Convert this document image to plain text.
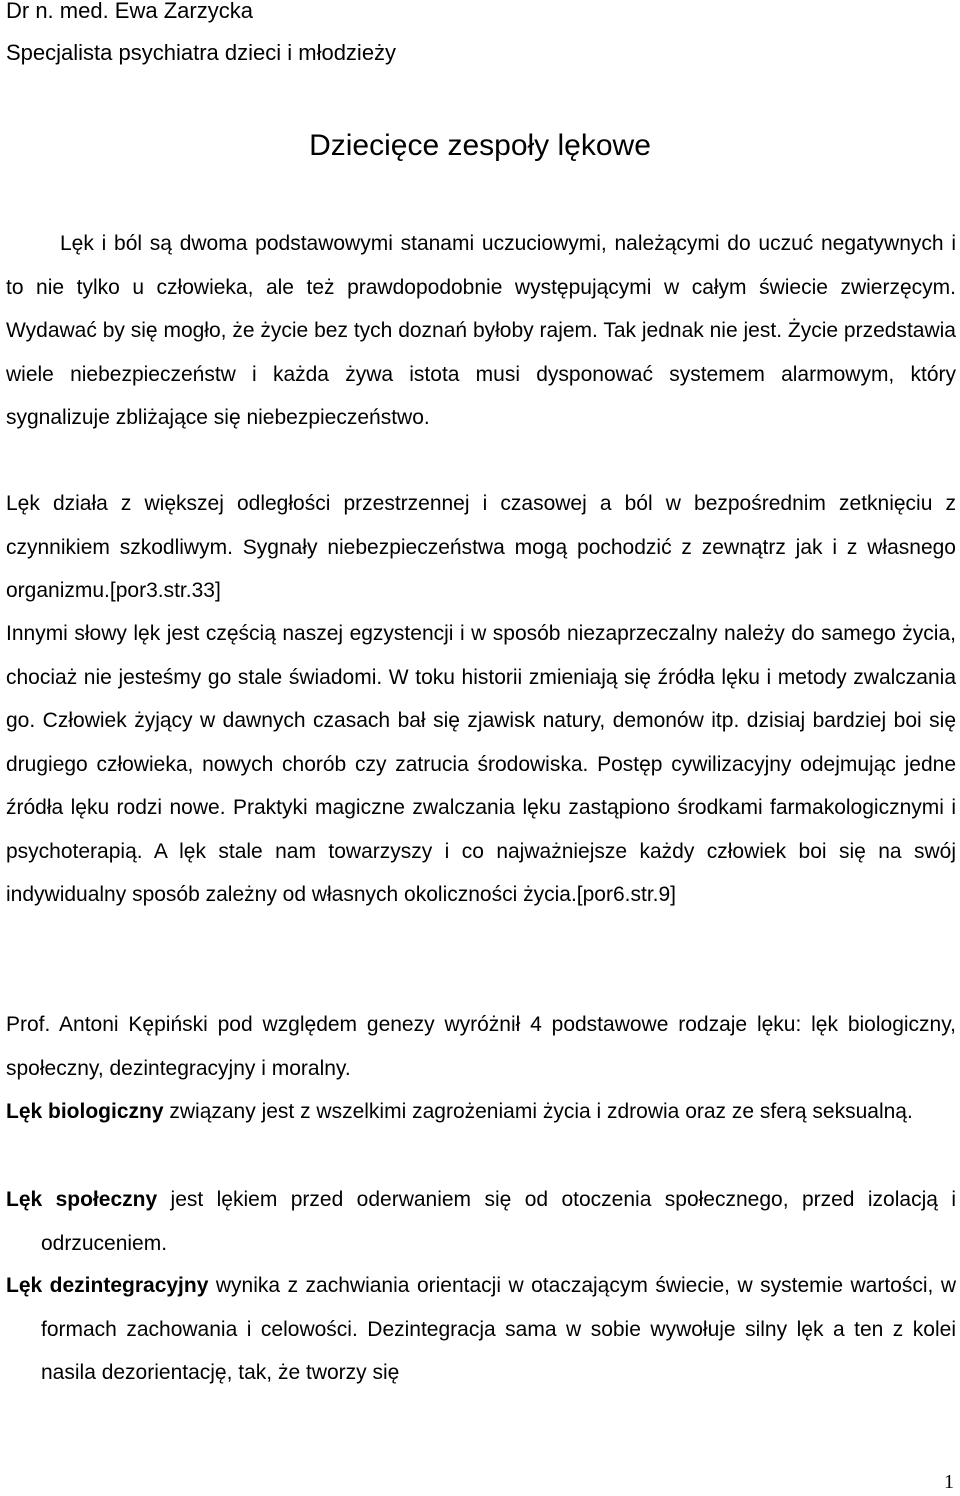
Dr n. med. Ewa Zarzycka
Specjalista psychiatra dzieci i młodzieży
Dziecięce zespoły lękowe
Lęk i ból są dwoma podstawowymi stanami uczuciowymi, należącymi do uczuć negatywnych i to nie tylko u człowieka, ale też prawdopodobnie występującymi w całym świecie zwierzęcym. Wydawać by się mogło, że życie bez tych doznań byłoby rajem. Tak jednak nie jest. Życie przedstawia wiele niebezpieczeństw i każda żywa istota musi dysponować systemem alarmowym, który sygnalizuje zbliżające się niebezpieczeństwo.
Lęk działa z większej odległości przestrzennej i czasowej a ból w bezpośrednim zetknięciu z czynnikiem szkodliwym. Sygnały niebezpieczeństwa mogą pochodzić z zewnątrz jak i z własnego organizmu.[por3.str.33]
Innymi słowy lęk jest częścią naszej egzystencji i w sposób niezaprzeczalny należy do samego życia, chociaż nie jesteśmy go stale świadomi. W toku historii zmieniają się źródła lęku i metody zwalczania go. Człowiek żyjący w dawnych czasach bał się zjawisk natury, demonów itp. dzisiaj bardziej boi się drugiego człowieka, nowych chorób czy zatrucia środowiska. Postęp cywilizacyjny odejmując jedne źródła lęku rodzi nowe. Praktyki magiczne zwalczania lęku zastąpiono środkami farmakologicznymi i psychoterapią. A lęk stale nam towarzyszy i co najważniejsze każdy człowiek boi się na swój indywidualny sposób zależny od własnych okoliczności życia.[por6.str.9]
Prof. Antoni Kępiński pod względem genezy wyróżnił 4 podstawowe rodzaje lęku: lęk biologiczny, społeczny, dezintegracyjny i moralny.
Lęk biologiczny związany jest z wszelkimi zagrożeniami życia i zdrowia oraz ze sferą seksualną.
Lęk społeczny jest lękiem przed oderwaniem się od otoczenia społecznego, przed izolacją i odrzuceniem.
Lęk dezintegracyjny wynika z zachwiania orientacji w otaczającym świecie, w systemie wartości, w formach zachowania i celowości. Dezintegracja sama w sobie wywołuje silny lęk a ten z kolei nasila dezorientację, tak, że tworzy się
1
